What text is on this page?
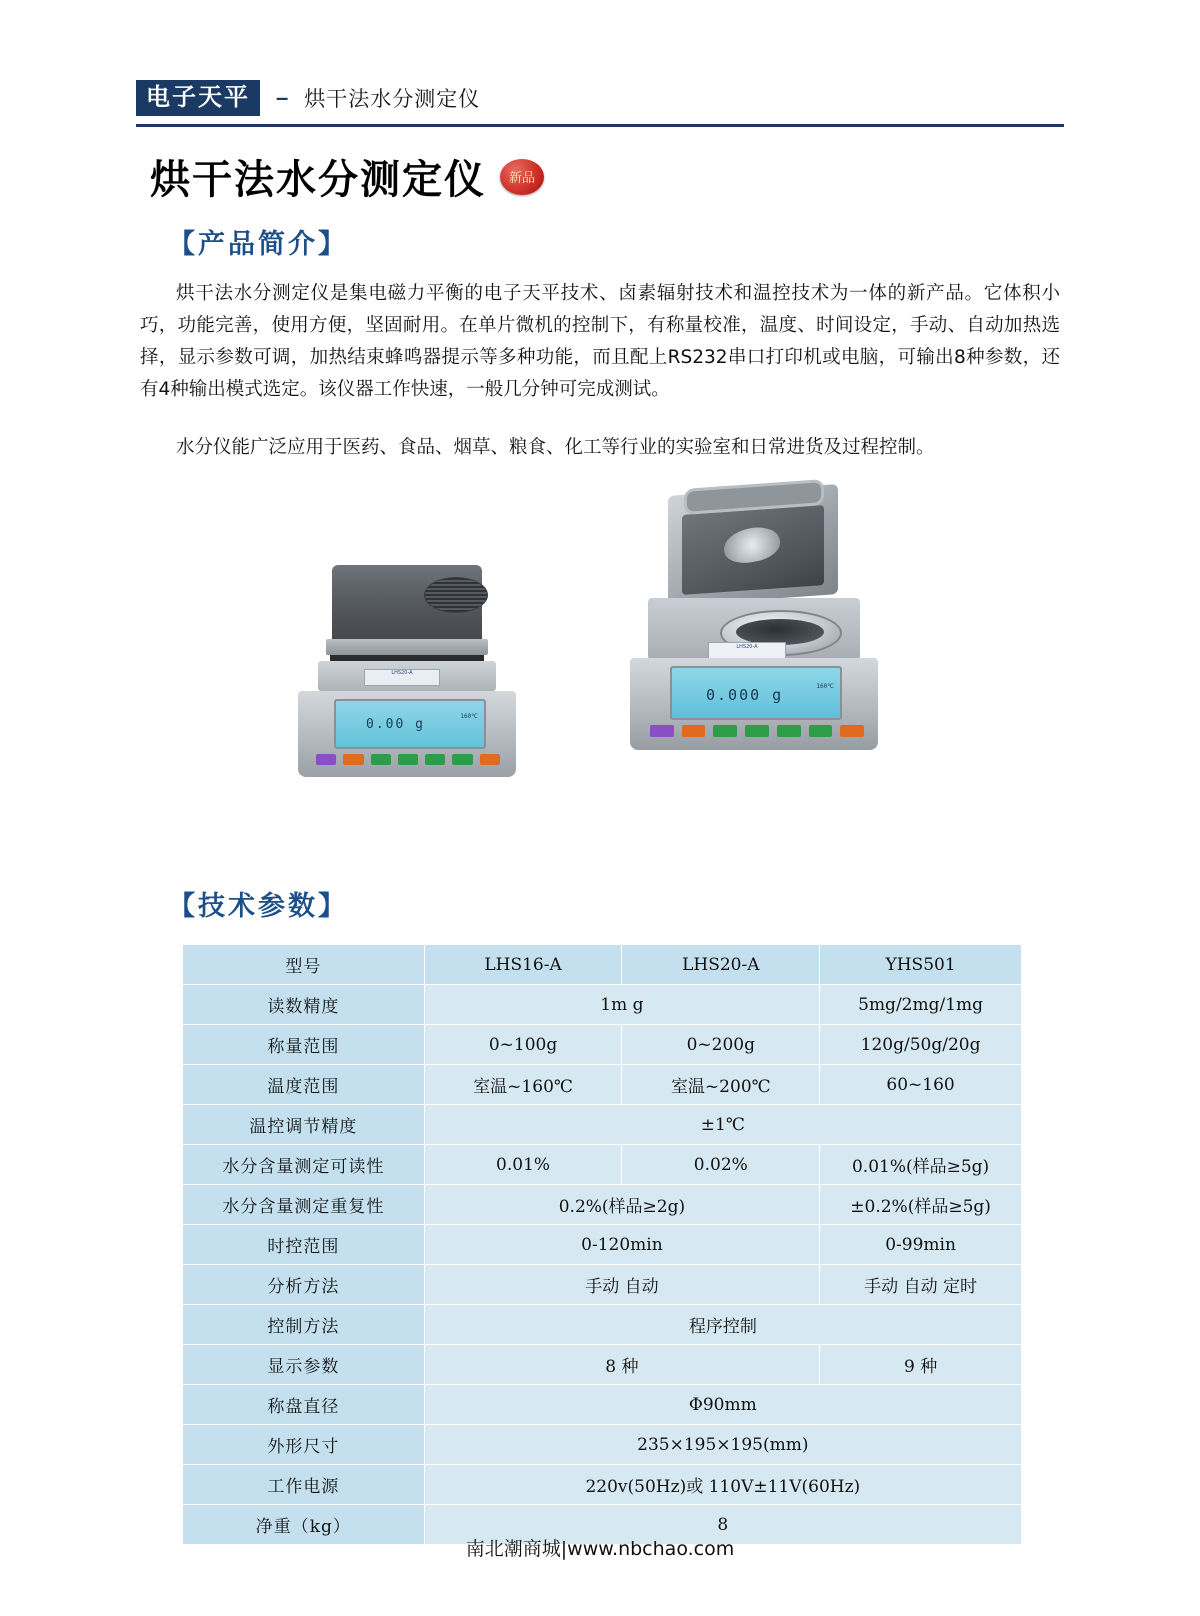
电子天平	– 烘干法水分测定仪
烘干法水分测定仪	新品
【产品简介】
烘干法水分测定仪是集电磁力平衡的电子天平技术、卤素辐射技术和温控技术为一体的新产品。它体积小巧，功能完善，使用方便，坚固耐用。在单片微机的控制下，有称量校准，温度、时间设定，手动、自动加热选择，显示参数可调，加热结束蜂鸣器提示等多种功能，而且配上RS232串口打印机或电脑，可输出8种参数，还有4种输出模式选定。该仪器工作快速，一般几分钟可完成测试。
水分仪能广泛应用于医药、食品、烟草、粮食、化工等行业的实验室和日常进货及过程控制。
LHS20-A
0.00 g
160℃
LHS20-A
0.000 g	160℃
【技术参数】
型号	LHS16-A	LHS20-A	YHS501
读数精度	1m g		5mg/2mg/1mg
称量范围	0~100g	0~200g	120g/50g/20g
温度范围	室温~160℃	室温~200℃	60~160
温控调节精度	±1℃		
水分含量测定可读性	0.01%	0.02%	0.01%(样品≥5g)
水分含量测定重复性	0.2%(样品≥2g)		±0.2%(样品≥5g)
时控范围	0-120min		0-99min
分析方法	手动 自动		手动 自动 定时
控制方法	程序控制		
显示参数	8 种		9 种
称盘直径	Φ90mm		
外形尺寸	235×195×195(mm)		
工作电源	220v(50Hz)或 110V±11V(60Hz)		
净重（kg）	8		
南北潮商城|www.nbchao.com
